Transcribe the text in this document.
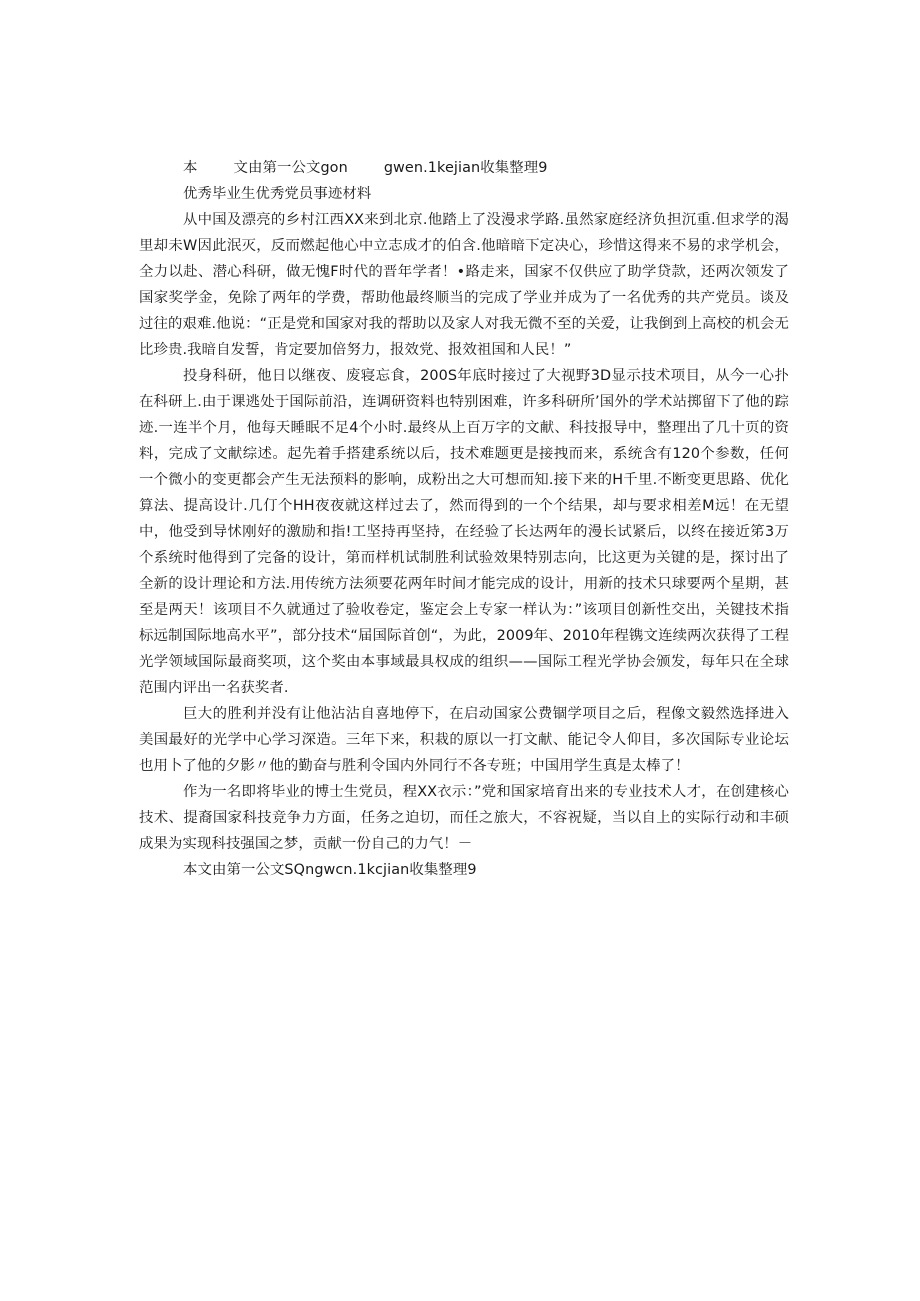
本	文由第一公文gon	gwen.1kejian收集整理9

优秀毕业生优秀党员事迹材料

从中国及漂亮的乡村江西XX来到北京.他踏上了没漫求学路.虽然家庭经济负担沉重.但求学的渴里却未W因此泯灭，反而燃起他心中立志成才的伯含.他暗暗下定决心，珍惜这得来不易的求学机会，全力以赴、潜心科研，做无愧F时代的晋年学者！•路走来，国家不仅供应了助学贷款，还两次领发了国家奖学金，免除了两年的学费，帮助他最终顺当的完成了学业并成为了一名优秀的共产党员。谈及过往的艰难.他说：“正是党和国家对我的帮助以及家人对我无微不至的关爱，让我倒到上高校的机会无比珍贵.我暗自发誓，肯定要加倍努力，报效党、报效祖国和人民！”

投身科研，他日以继夜、废寝忘食，200S年底时接过了大视野3D显示技术项目，从今一心扑在科研上.由于课逃处于国际前沿，连调研资料也特别困难，许多科研所’国外的学术站掷留下了他的踪迹.一连半个月，他每天睡眠不足4个小时.最终从上百万字的文献、科技报导中，整理出了几十页的资料，完成了文献综述。起先着手搭建系统以后，技术难题更是接拽而来，系统含有120个参数，任何一个微小的变更都会产生无法预料的影响，成粉出之大可想而知.接下来的H千里.不断变更思路、优化算法、提高设计.几仃个HH夜夜就这样过去了，然而得到的一个个结果，却与要求相差M远！在无望中，他受到导怵刚好的激励和指!工坚持再坚持，在经验了长达两年的漫长试紧后，以终在接近笫3万个系统时他得到了完备的设计，第而样机试制胜利试验效果特别志向，比这更为关键的是，探讨出了全新的设计理论和方法.用传统方法须要花两年时间才能完成的设计，用新的技术只球要两个星期，甚至是两天！该项目不久就通过了验收卷定，鉴定会上专家一样认为：”该项目创新性交出，关键技术指标远制国际地高水平”，部分技术“届国际首创“，为此，2009年、2010年程镌文连续两次获得了工程光学领域国际最商奖项，这个奖由本事域最具权成的组织——国际工程光学协会颁发，每年只在全球范围内评出一名获奖者.

巨大的胜利并没有让他沾沾自喜地停下，在启动国家公费锢学项目之后，程像文毅然选择进入美国最好的光学中心学习深造。三年下来，积栽的原以一打文献、能记令人仰目，多次国际专业论坛也用卜了他的夕影〃他的勤奋与胜利令国内外同行不各专班；中国用学生真是太棒了！

作为一名即将毕业的博士生党员，程XX衣示：”党和国家培育出来的专业技术人才，在创建核心技术、提裔国家科技竞争力方面，任务之迫切，而任之旅大，不容祝疑，当以自上的实际行动和丰硕成果为实现科技强国之梦，贡献一份自己的力气！－

本文由第一公文SQngwcn.1kcjian收集整理9
